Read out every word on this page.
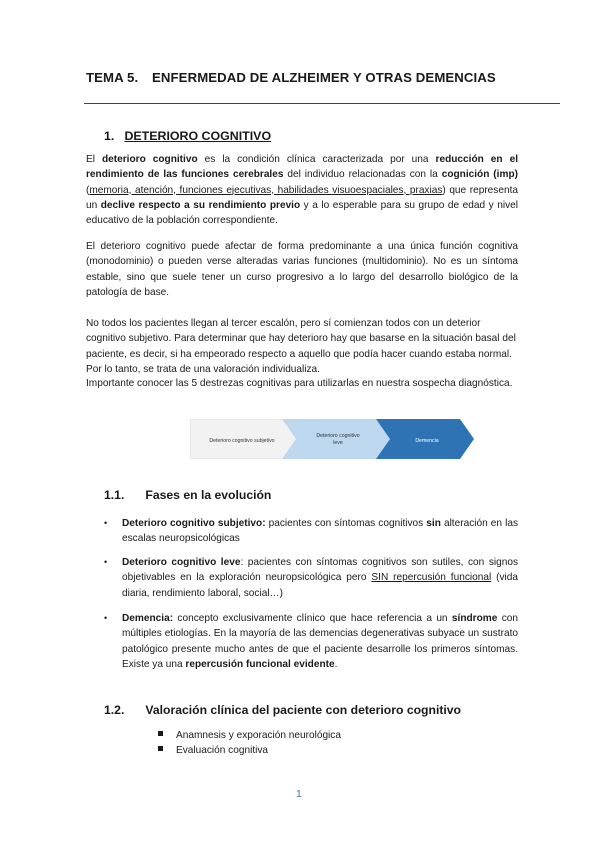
TEMA 5. ENFERMEDAD DE ALZHEIMER Y OTRAS DEMENCIAS
1. DETERIORO COGNITIVO
El deterioro cognitivo es la condición clínica caracterizada por una reducción en el rendimiento de las funciones cerebrales del individuo relacionadas con la cognición (imp) (memoria, atención, funciones ejecutivas, habilidades visuoespaciales, praxias) que representa un declive respecto a su rendimiento previo y a lo esperable para su grupo de edad y nivel educativo de la población correspondiente.
El deterioro cognitivo puede afectar de forma predominante a una única función cognitiva (monodominio) o pueden verse alteradas varias funciones (multidominio). No es un síntoma estable, sino que suele tener un curso progresivo a lo largo del desarrollo biológico de la patología de base.
No todos los pacientes llegan al tercer escalón, pero sí comienzan todos con un deterior cognitivo subjetivo. Para determinar que hay deterioro hay que basarse en la situación basal del paciente, es decir, si ha empeorado respecto a aquello que podía hacer cuando estaba normal. Por lo tanto, se trata de una valoración individualiza.
Importante conocer las 5 destrezas cognitivas para utilizarlas en nuestra sospecha diagnóstica.
Deterioro cognitivo subjetivo
Deterioro cognitivo leve	Demencia
1.1. Fases en la evolución
• Deterioro cognitivo subjetivo: pacientes con síntomas cognitivos sin alteración en las escalas neuropsicológicas
• Deterioro cognitivo leve: pacientes con síntomas cognitivos son sutiles, con signos objetivables en la exploración neuropsicológica pero SIN repercusión funcional (vida diaria, rendimiento laboral, social…)
• Demencia: concepto exclusivamente clínico que hace referencia a un síndrome con múltiples etiologías. En la mayoría de las demencias degenerativas subyace un sustrato patológico presente mucho antes de que el paciente desarrolle los primeros síntomas. Existe ya una repercusión funcional evidente.
1.2. Valoración clínica del paciente con deterioro cognitivo
Anamnesis y exporación neurológica
Evaluación cognitiva
1
